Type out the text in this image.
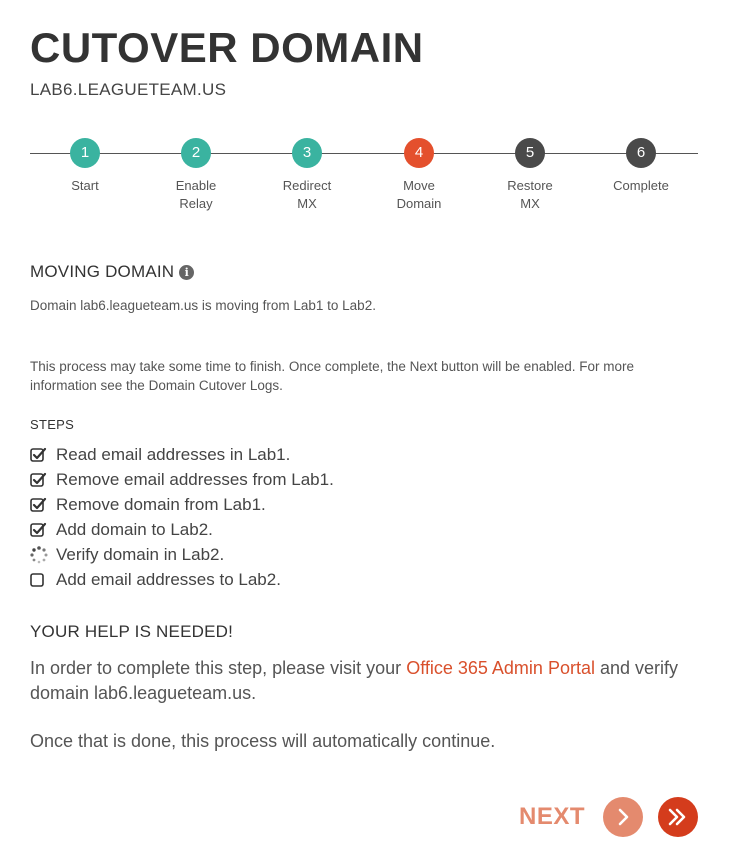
CUTOVER DOMAIN
LAB6.LEAGUETEAM.US
1
Start
2
Enable
Relay
3
Redirect
MX
4
Move
Domain
5
Restore
MX
6
Complete
MOVING DOMAIN i
Domain lab6.leagueteam.us is moving from Lab1 to Lab2.
This process may take some time to finish. Once complete, the Next button will be enabled. For more information see the Domain Cutover Logs.
STEPS
Read email addresses in Lab1.
Remove email addresses from Lab1.
Remove domain from Lab1.
Add domain to Lab2.
Verify domain in Lab2.
Add email addresses to Lab2.
YOUR HELP IS NEEDED!
In order to complete this step, please visit your Office 365 Admin Portal and verify domain lab6.leagueteam.us.
Once that is done, this process will automatically continue.
NEXT
